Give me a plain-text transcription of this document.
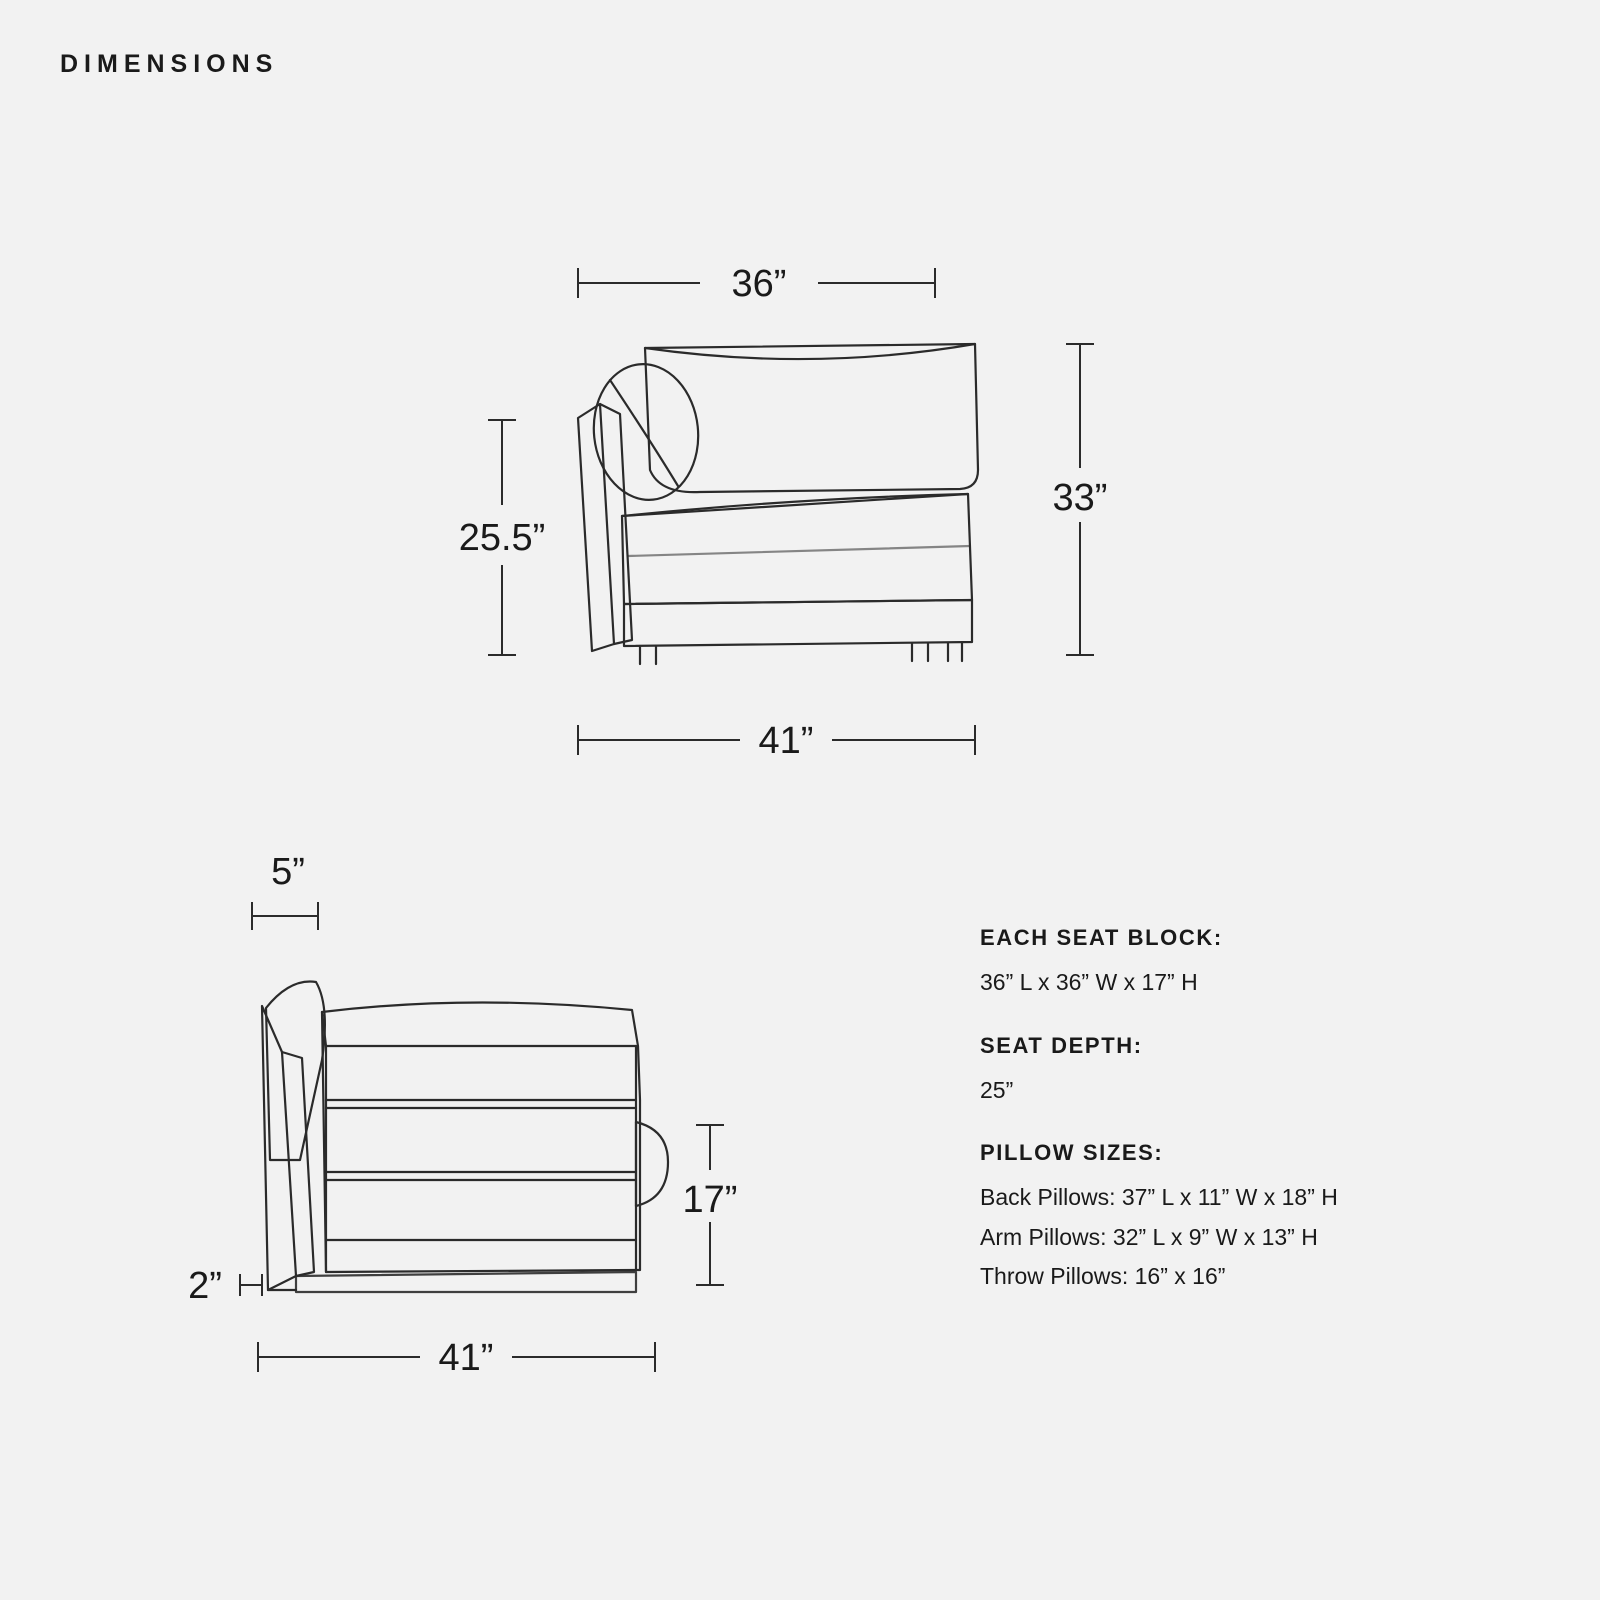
DIMENSIONS
36”
33”
25.5”
41”
5”
17”
2”
41”
EACH SEAT BLOCK:
36” L x 36” W x 17” H
SEAT DEPTH:
25”
PILLOW SIZES:
Back Pillows: 37” L x 11” W x 18” H
Arm Pillows: 32” L x 9” W x 13” H
Throw Pillows: 16” x 16”
